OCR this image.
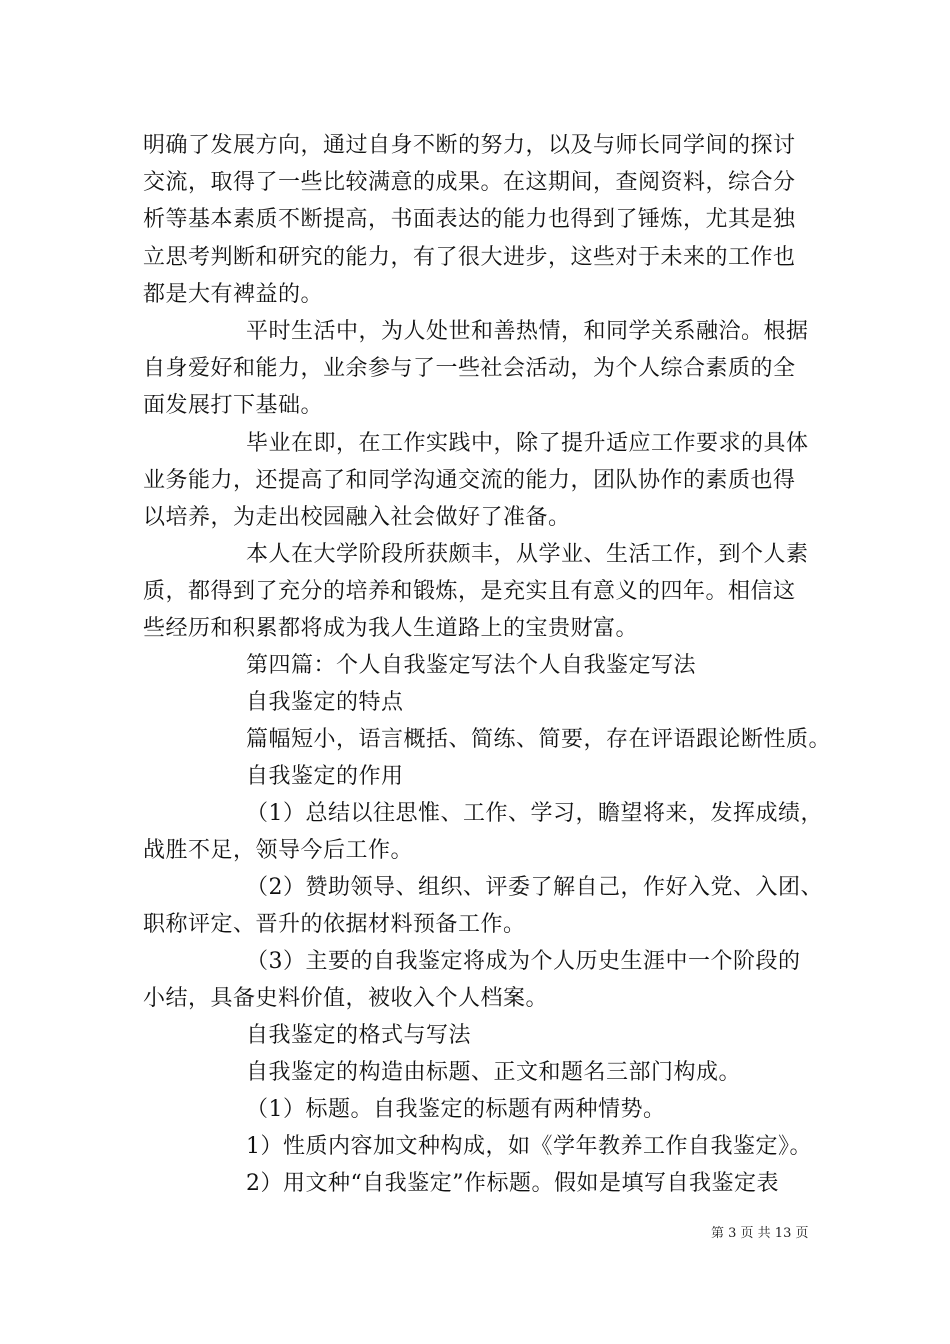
明确了发展方向，通过自身不断的努力，以及与师长同学间的探讨
交流，取得了一些比较满意的成果。在这期间，查阅资料，综合分
析等基本素质不断提高，书面表达的能力也得到了锤炼，尤其是独
立思考判断和研究的能力，有了很大进步，这些对于未来的工作也
都是大有裨益的。
平时生活中，为人处世和善热情，和同学关系融洽。根据
自身爱好和能力，业余参与了一些社会活动，为个人综合素质的全
面发展打下基础。
毕业在即，在工作实践中，除了提升适应工作要求的具体
业务能力，还提高了和同学沟通交流的能力，团队协作的素质也得
以培养，为走出校园融入社会做好了准备。
本人在大学阶段所获颇丰，从学业、生活工作，到个人素
质，都得到了充分的培养和锻炼，是充实且有意义的四年。相信这
些经历和积累都将成为我人生道路上的宝贵财富。
第四篇：个人自我鉴定写法个人自我鉴定写法
自我鉴定的特点
篇幅短小，语言概括、简练、简要，存在评语跟论断性质。
自我鉴定的作用
（1）总结以往思惟、工作、学习，瞻望将来，发挥成绩，
战胜不足，领导今后工作。
（2）赞助领导、组织、评委了解自己，作好入党、入团、
职称评定、晋升的依据材料预备工作。
（3）主要的自我鉴定将成为个人历史生涯中一个阶段的
小结，具备史料价值，被收入个人档案。
自我鉴定的格式与写法
自我鉴定的构造由标题、正文和题名三部门构成。
（1）标题。自我鉴定的标题有两种情势。
1）性质内容加文种构成，如《学年教养工作自我鉴定》。
2）用文种“自我鉴定”作标题。假如是填写自我鉴定表
第 3 页 共 13 页
